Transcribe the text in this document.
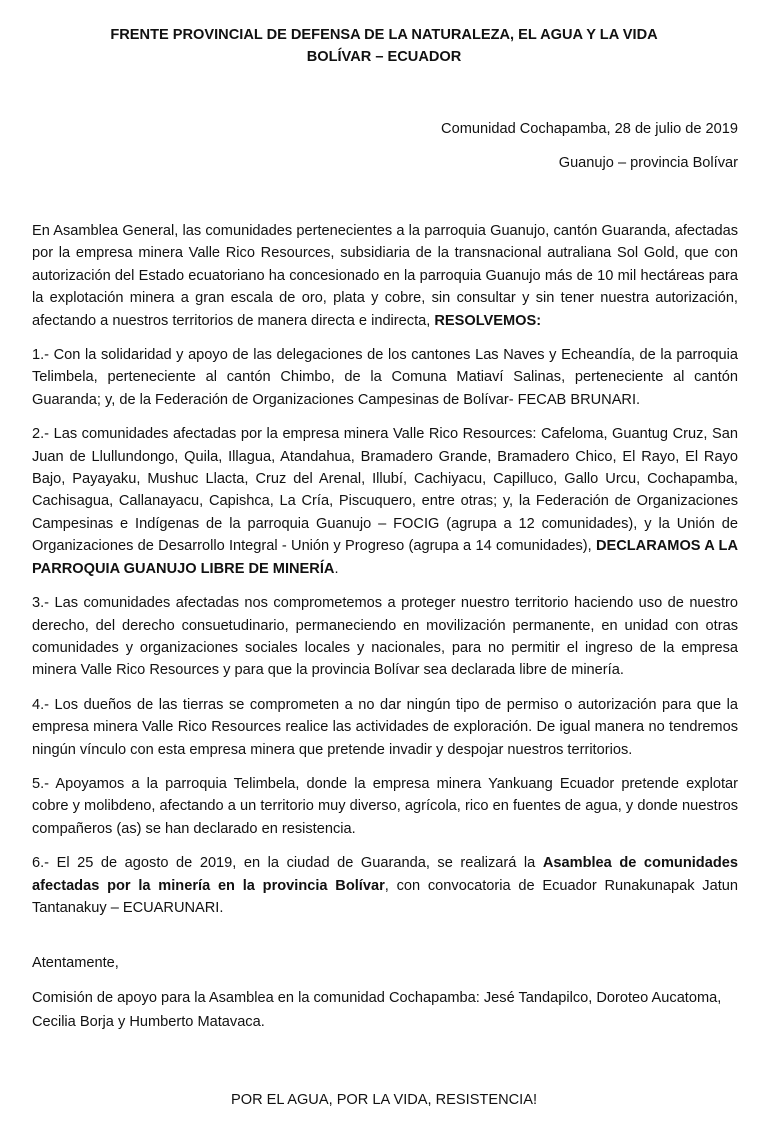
FRENTE PROVINCIAL DE DEFENSA DE LA NATURALEZA, EL AGUA Y LA VIDA
BOLÍVAR – ECUADOR
Comunidad Cochapamba, 28 de julio de 2019
Guanujo – provincia Bolívar

En Asamblea General, las comunidades pertenecientes a la parroquia Guanujo, cantón Guaranda, afectadas por la empresa minera Valle Rico Resources, subsidiaria de la transnacional autraliana Sol Gold, que con autorización del Estado ecuatoriano ha concesionado en la parroquia Guanujo más de 10 mil hectáreas para la explotación minera a gran escala de oro, plata y cobre, sin consultar y sin tener nuestra autorización, afectando a nuestros territorios de manera directa e indirecta, RESOLVEMOS:

1.- Con la solidaridad y apoyo de las delegaciones de los cantones Las Naves y Echeandía, de la parroquia Telimbela, perteneciente al cantón Chimbo, de la Comuna Matiaví Salinas, perteneciente al cantón Guaranda; y, de la Federación de Organizaciones Campesinas de Bolívar- FECAB BRUNARI.

2.- Las comunidades afectadas por la empresa minera Valle Rico Resources: Cafeloma, Guantug Cruz, San Juan de Llullundongo, Quila, Illagua, Atandahua, Bramadero Grande, Bramadero Chico, El Rayo, El Rayo Bajo, Payayaku, Mushuc Llacta, Cruz del Arenal, Illubí, Cachiyacu, Capilluco, Gallo Urcu, Cochapamba, Cachisagua, Callanayacu, Capishca, La Cría, Piscuquero, entre otras; y, la Federación de Organizaciones Campesinas e Indígenas de la parroquia Guanujo – FOCIG (agrupa a 12 comunidades), y la Unión de Organizaciones de Desarrollo Integral - Unión y Progreso (agrupa a 14 comunidades), DECLARAMOS A LA PARROQUIA GUANUJO LIBRE DE MINERÍA.

3.- Las comunidades afectadas nos comprometemos a proteger nuestro territorio haciendo uso de nuestro derecho, del derecho consuetudinario, permaneciendo en movilización permanente, en unidad con otras comunidades y organizaciones sociales locales y nacionales, para no permitir el ingreso de la empresa minera Valle Rico Resources y para que la provincia Bolívar sea declarada libre de minería.

4.- Los dueños de las tierras se comprometen a no dar ningún tipo de permiso o autorización para que la empresa minera Valle Rico Resources realice las actividades de exploración. De igual manera no tendremos ningún vínculo con esta empresa minera que pretende invadir y despojar nuestros territorios.

5.- Apoyamos a la parroquia Telimbela, donde la empresa minera Yankuang Ecuador pretende explotar cobre y molibdeno, afectando a un territorio muy diverso, agrícola, rico en fuentes de agua, y donde nuestros compañeros (as) se han declarado en resistencia.

6.- El 25 de agosto de 2019, en la ciudad de Guaranda, se realizará la Asamblea de comunidades afectadas por la minería en la provincia Bolívar, con convocatoria de Ecuador Runakunapak Jatun Tantanakuy – ECUARUNARI.

Atentamente,
Comisión de apoyo para la Asamblea en la comunidad Cochapamba: Jesé Tandapilco, Doroteo Aucatoma, Cecilia Borja y Humberto Matavaca.
POR EL AGUA, POR LA VIDA, RESISTENCIA!
